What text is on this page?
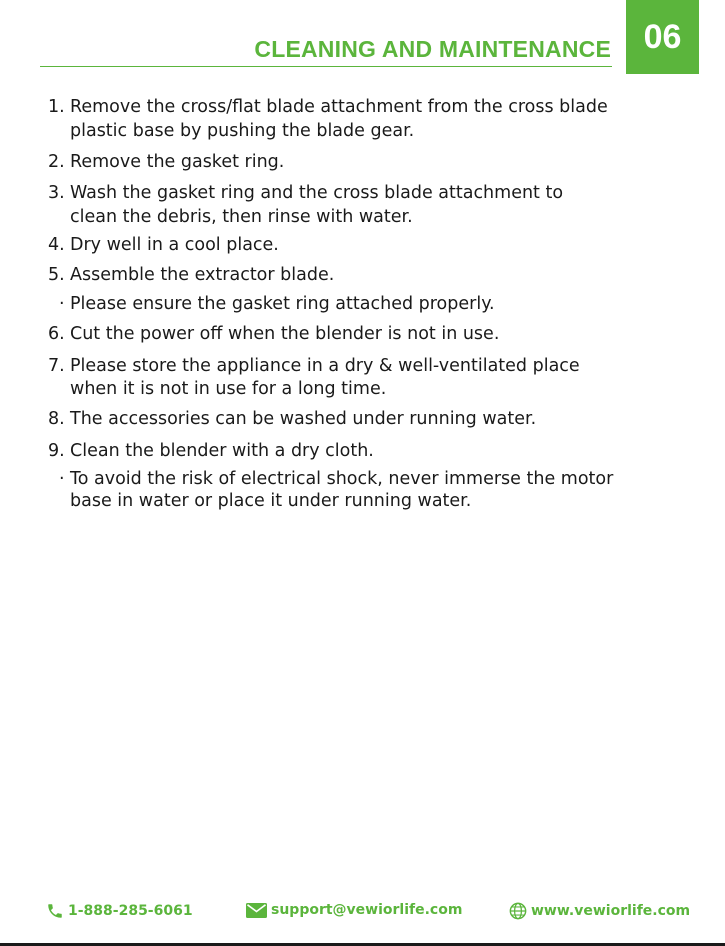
CLEANING AND MAINTENANCE 06
1. Remove the cross/flat blade attachment from the cross blade
plastic base by pushing the blade gear.
2. Remove the gasket ring.
3. Wash the gasket ring and the cross blade attachment to
clean the debris, then rinse with water.
4. Dry well in a cool place.
5. Assemble the extractor blade.
· Please ensure the gasket ring attached properly.
6. Cut the power off when the blender is not in use.
7. Please store the appliance in a dry & well-ventilated place
when it is not in use for a long time.
8. The accessories can be washed under running water.
9. Clean the blender with a dry cloth.
· To avoid the risk of electrical shock, never immerse the motor
base in water or place it under running water.
1-888-285-6061	support@vewiorlife.com	www.vewiorlife.com
